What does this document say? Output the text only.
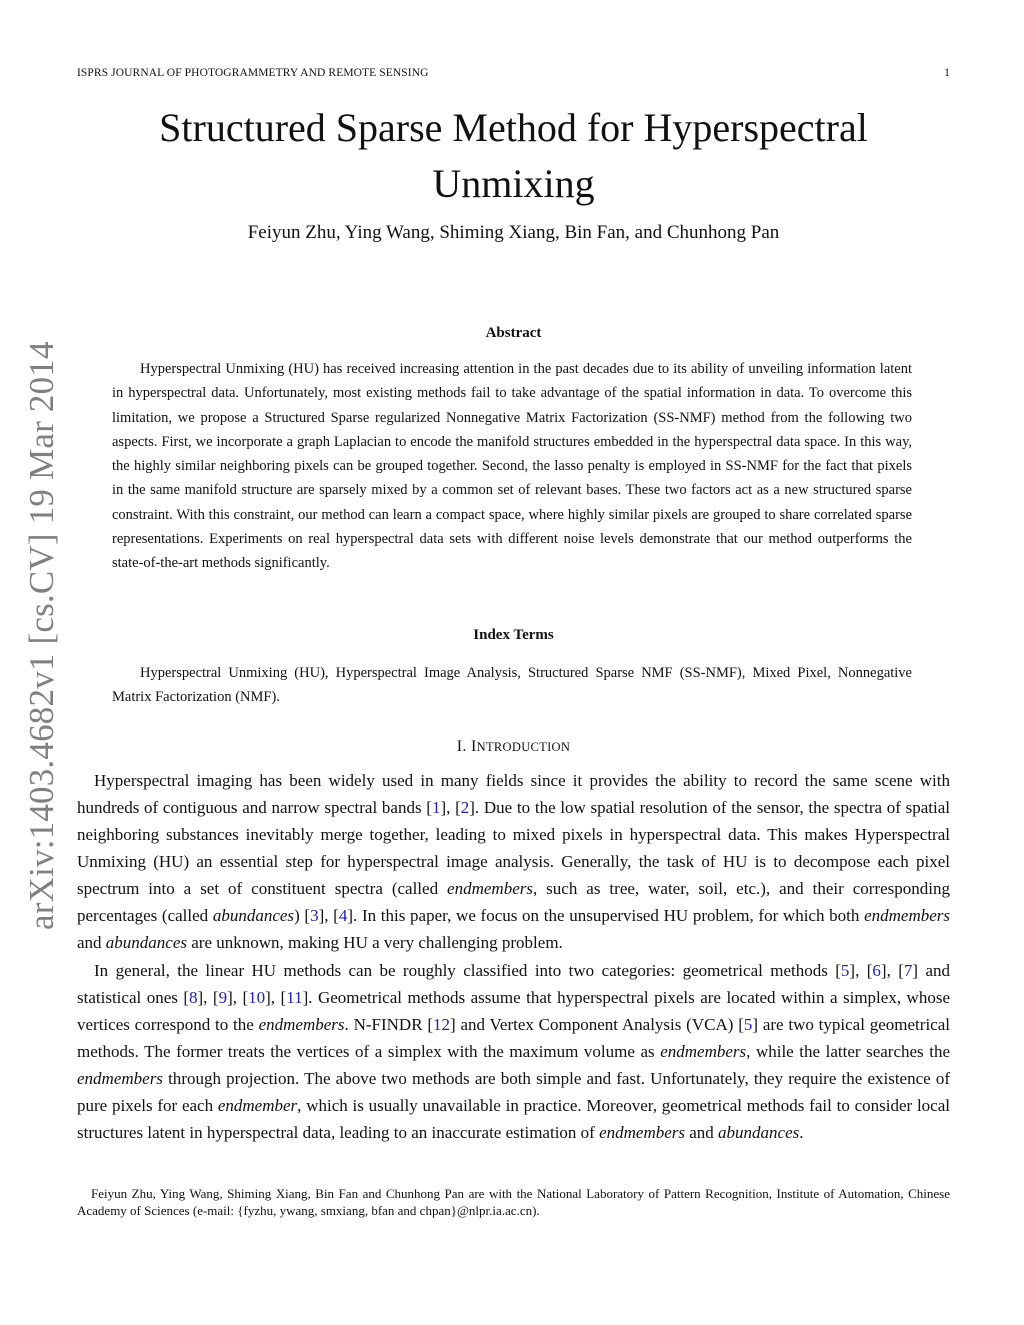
ISPRS JOURNAL OF PHOTOGRAMMETRY AND REMOTE SENSING	1
arXiv:1403.4682v1 [cs.CV] 19 Mar 2014
Structured Sparse Method for Hyperspectral
Unmixing
Feiyun Zhu, Ying Wang, Shiming Xiang, Bin Fan, and Chunhong Pan
Abstract

Hyperspectral Unmixing (HU) has received increasing attention in the past decades due to its ability of unveiling information latent in hyperspectral data. Unfortunately, most existing methods fail to take advantage of the spatial information in data. To overcome this limitation, we propose a Structured Sparse regularized Nonnegative Matrix Factorization (SS-NMF) method from the following two aspects. First, we incorporate a graph Laplacian to encode the manifold structures embedded in the hyperspectral data space. In this way, the highly similar neighboring pixels can be grouped together. Second, the lasso penalty is employed in SS-NMF for the fact that pixels in the same manifold structure are sparsely mixed by a common set of relevant bases. These two factors act as a new structured sparse constraint. With this constraint, our method can learn a compact space, where highly similar pixels are grouped to share correlated sparse representations. Experiments on real hyperspectral data sets with different noise levels demonstrate that our method outperforms the state-of-the-art methods significantly.

Index Terms

Hyperspectral Unmixing (HU), Hyperspectral Image Analysis, Structured Sparse NMF (SS-NMF), Mixed Pixel, Nonnegative Matrix Factorization (NMF).

I. INTRODUCTION

Hyperspectral imaging has been widely used in many fields since it provides the ability to record the same scene with hundreds of contiguous and narrow spectral bands [1], [2]. Due to the low spatial resolution of the sensor, the spectra of spatial neighboring substances inevitably merge together, leading to mixed pixels in hyperspectral data. This makes Hyperspectral Unmixing (HU) an essential step for hyperspectral image analysis. Generally, the task of HU is to decompose each pixel spectrum into a set of constituent spectra (called endmembers, such as tree, water, soil, etc.), and their corresponding percentages (called abundances) [3], [4]. In this paper, we focus on the unsupervised HU problem, for which both endmembers and abundances are unknown, making HU a very challenging problem.

In general, the linear HU methods can be roughly classified into two categories: geometrical methods [5], [6], [7] and statistical ones [8], [9], [10], [11]. Geometrical methods assume that hyperspectral pixels are located within a simplex, whose vertices correspond to the endmembers. N-FINDR [12] and Vertex Component Analysis (VCA) [5] are two typical geometrical methods. The former treats the vertices of a simplex with the maximum volume as endmembers, while the latter searches the endmembers through projection. The above two methods are both simple and fast. Unfortunately, they require the existence of pure pixels for each endmember, which is usually unavailable in practice. Moreover, geometrical methods fail to consider local structures latent in hyperspectral data, leading to an inaccurate estimation of endmembers and abundances.

Feiyun Zhu, Ying Wang, Shiming Xiang, Bin Fan and Chunhong Pan are with the National Laboratory of Pattern Recognition, Institute of Automation, Chinese Academy of Sciences (e-mail: {fyzhu, ywang, smxiang, bfan and chpan}@nlpr.ia.ac.cn).
